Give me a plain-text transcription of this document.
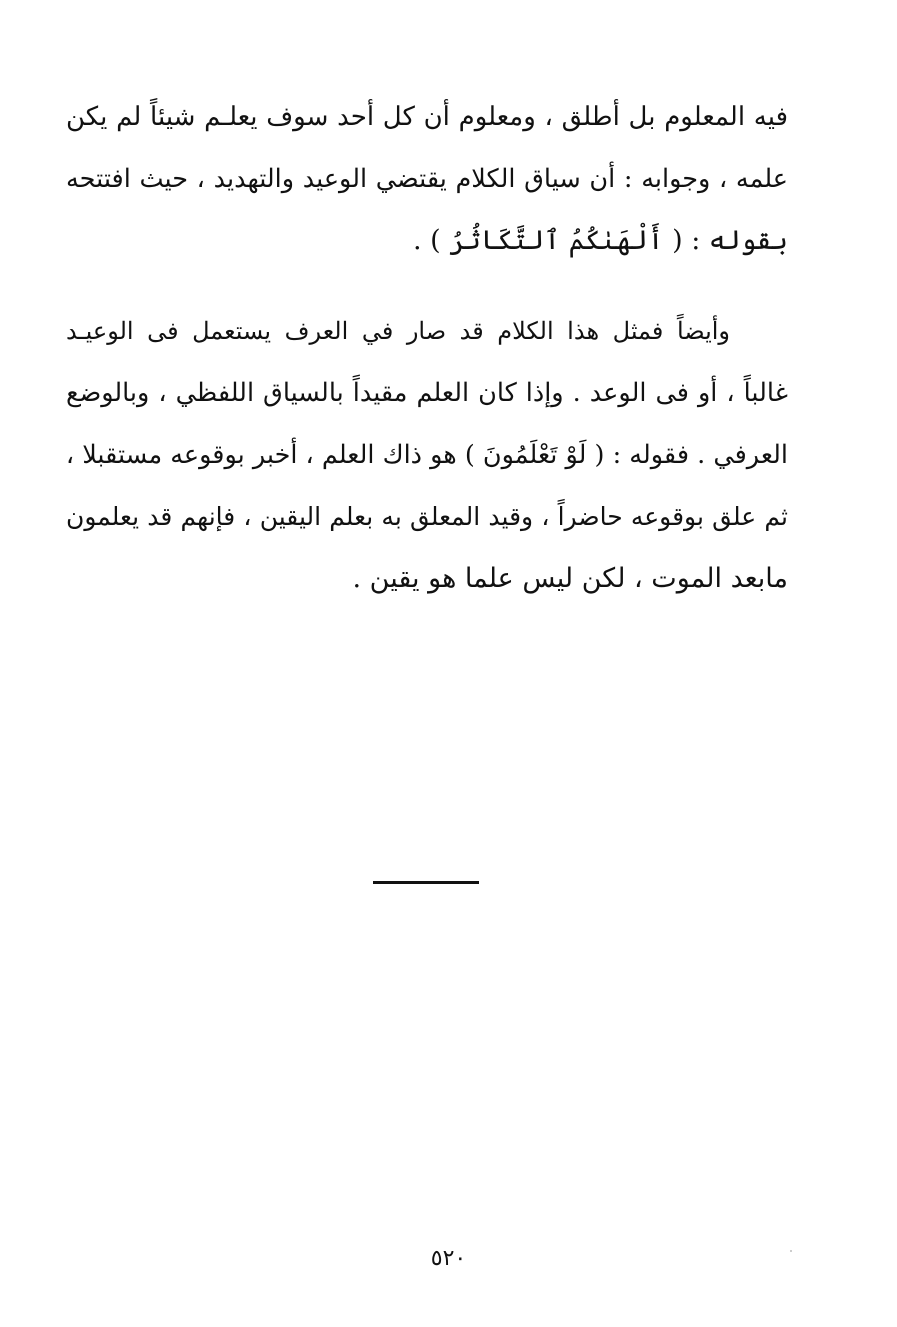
فيه المعلوم بل أطلق ، ومعلوم أن كل أحد سوف يعلـم شيئاً لم يكن
علمه ، وجوابه : أن سياق الكلام يقتضي الوعيد والتهديد ، حيث افتتحه
بقوله : ( أَلْهَىٰكُمُ ٱلتَّكَاثُرُ ) .
وأيضاً فمثل هذا الكلام قد صار في العرف يستعمل فى الوعيـد
غالباً ، أو فى الوعد . وإذا كان العلم مقيداً بالسياق اللفظي ، وبالوضع
العرفي . فقوله : ( لَوْ تَعْلَمُونَ ) هو ذاك العلم ، أخبر بوقوعه مستقبلا ،
ثم علق بوقوعه حاضراً ، وقيد المعلق به بعلم اليقين ، فإنهم قد يعلمون
مابعد الموت ، لكن ليس علما هو يقين .
٥٢٠
